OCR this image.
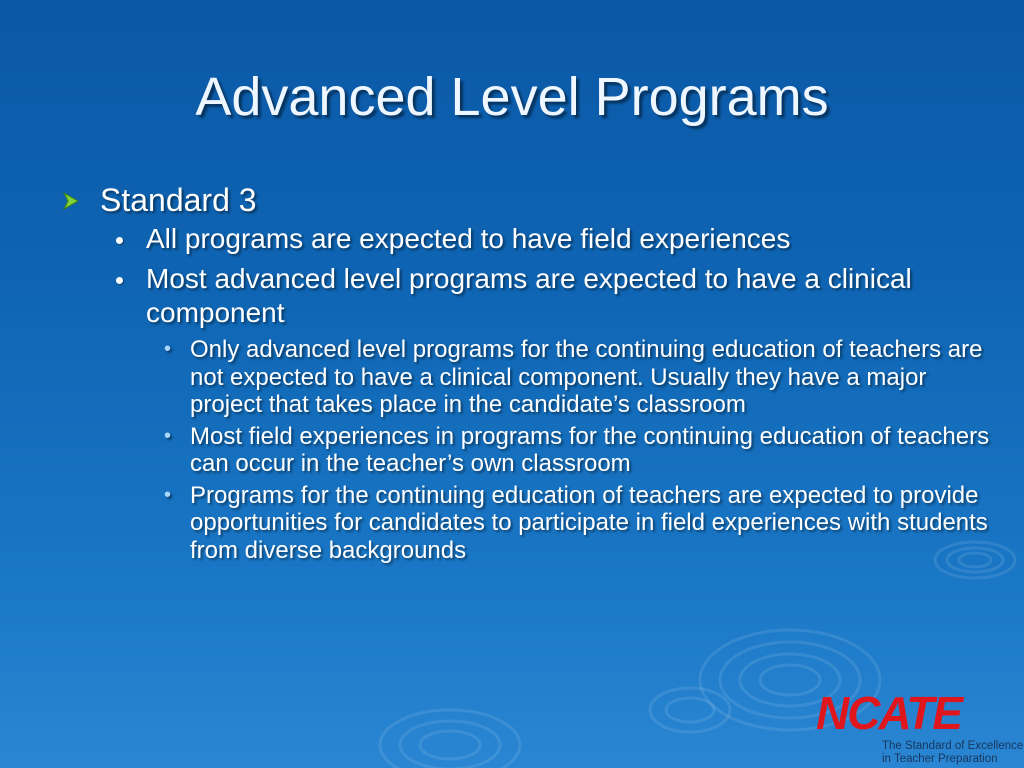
Advanced Level Programs
Standard 3
All programs are expected to have field experiences
Most advanced level programs are expected to have a clinical component
• Only advanced level programs for the continuing education of teachers are not expected to have a clinical component. Usually they have a major project that takes place in the candidate’s classroom
• Most field experiences in programs for the continuing education of teachers can occur in the teacher’s own classroom
• Programs for the continuing education of teachers are expected to provide opportunities for candidates to participate in field experiences with students from diverse backgrounds
NCATE
The Standard of Excellence
in Teacher Preparation
